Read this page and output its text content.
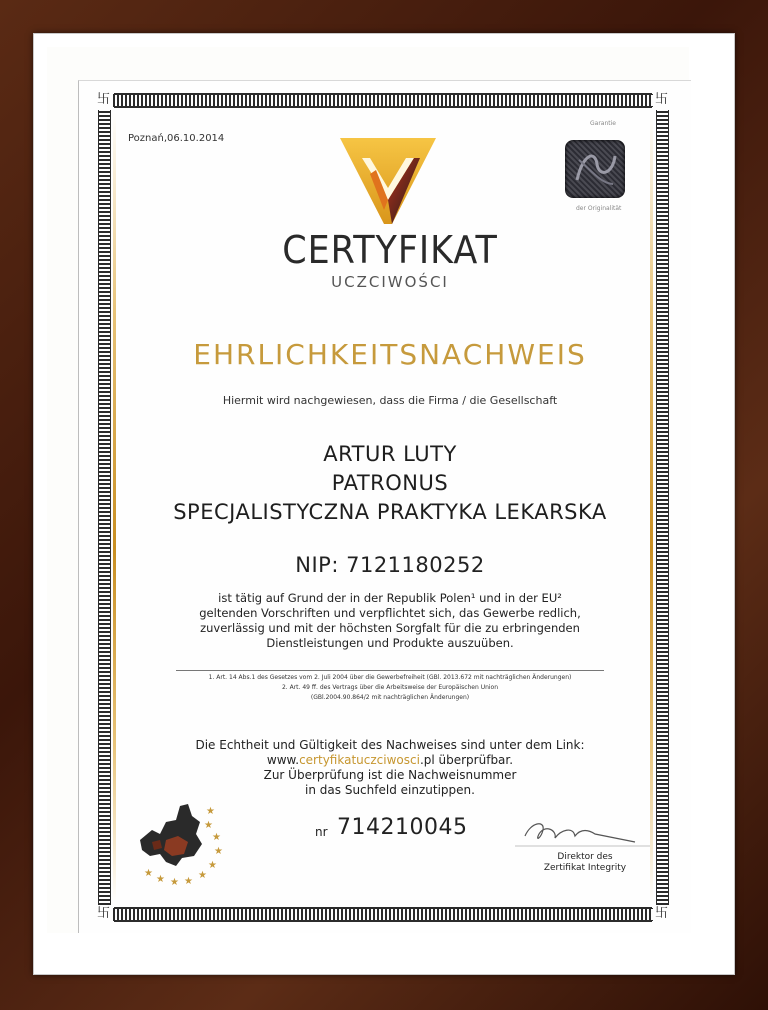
卐	卐
卐	卐
Poznań,06.10.2014
Garantie
der Originalität
CERTYFIKAT
UCZCIWOŚCI
EHRLICHKEITSNACHWEIS
Hiermit wird nachgewiesen, dass die Firma / die Gesellschaft
ARTUR LUTY
PATRONUS
SPECJALISTYCZNA PRAKTYKA LEKARSKA
NIP: 7121180252
ist tätig auf Grund der in der Republik Polen¹ und in der EU²
geltenden Vorschriften und verpflichtet sich, das Gewerbe redlich,
zuverlässig und mit der höchsten Sorgfalt für die zu erbringenden
Dienstleistungen und Produkte auszuüben.
1. Art. 14 Abs.1 des Gesetzes vom 2. Juli 2004 über die Gewerbefreiheit (GBl. 2013.672 mit nachträglichen Änderungen)
2. Art. 49 ff. des Vertrags über die Arbeitsweise der Europäischen Union
(GBl.2004.90.864/2 mit nachträglichen Änderungen)
Die Echtheit und Gültigkeit des Nachweises sind unter dem Link:
www.certyfikatuczciwosci.pl überprüfbar.
Zur Überprüfung ist die Nachweisnummer
in das Suchfeld einzutippen.
★
★
★
★
★
★
★
★
★
★
nr 714210045
Direktor des
Zertifikat Integrity
